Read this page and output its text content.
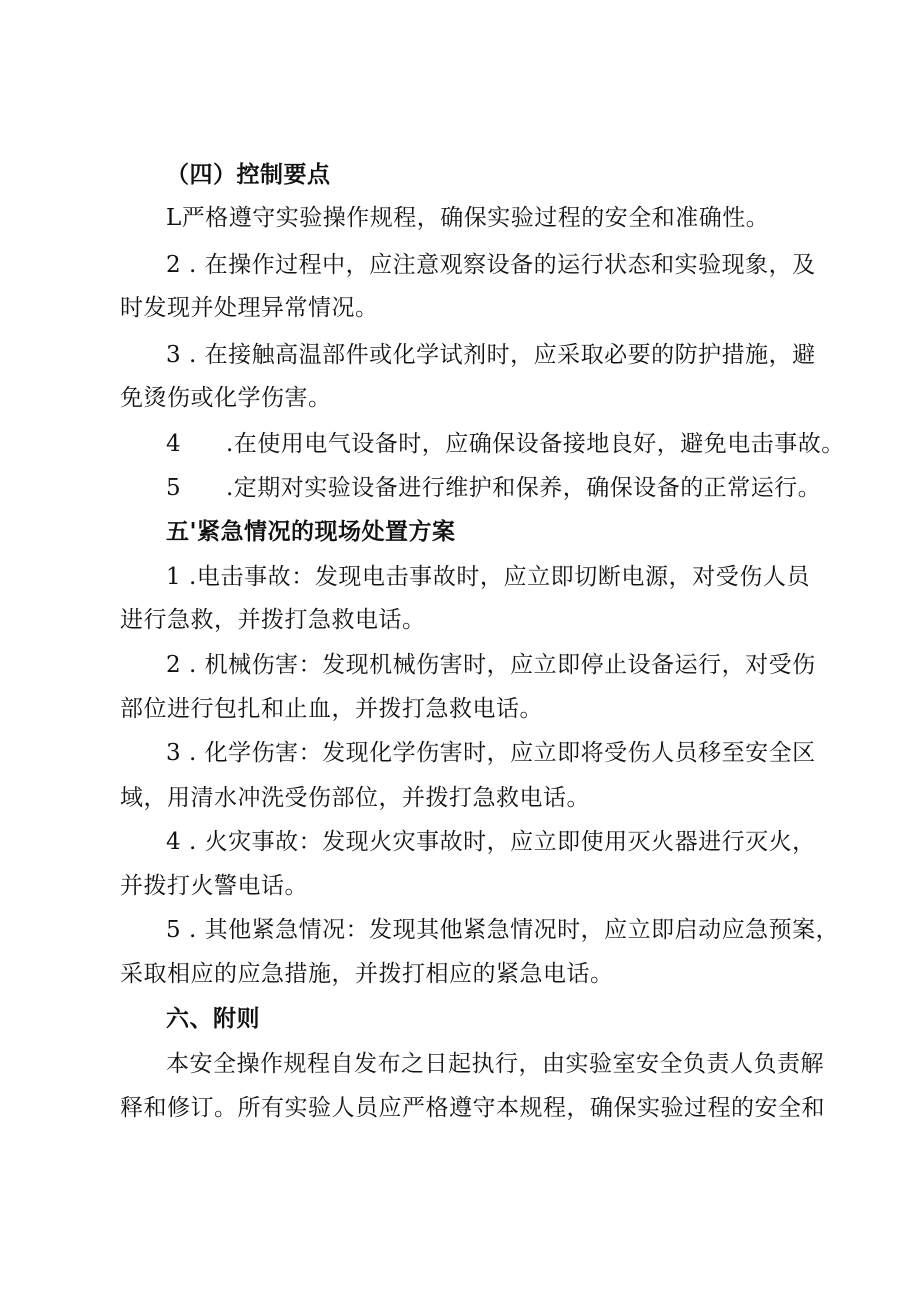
（四）控制要点
L严格遵守实验操作规程，确保实验过程的安全和准确性。
2 . 在操作过程中，应注意观察设备的运行状态和实验现象，及
时发现并处理异常情况。
3 . 在接触高温部件或化学试剂时，应采取必要的防护措施，避
免烫伤或化学伤害。
4 .在使用电气设备时，应确保设备接地良好，避免电击事故。
5 .定期对实验设备进行维护和保养，确保设备的正常运行。
五'紧急情况的现场处置方案
1 .电击事故：发现电击事故时，应立即切断电源，对受伤人员
进行急救，并拨打急救电话。
2 . 机械伤害：发现机械伤害时，应立即停止设备运行，对受伤
部位进行包扎和止血，并拨打急救电话。
3 . 化学伤害：发现化学伤害时，应立即将受伤人员移至安全区
域，用清水冲洗受伤部位，并拨打急救电话。
4 . 火灾事故：发现火灾事故时，应立即使用灭火器进行灭火，
并拨打火警电话。
5 . 其他紧急情况：发现其他紧急情况时，应立即启动应急预案，
采取相应的应急措施，并拨打相应的紧急电话。
六、附则
本安全操作规程自发布之日起执行，由实验室安全负责人负责解
释和修订。所有实验人员应严格遵守本规程，确保实验过程的安全和
